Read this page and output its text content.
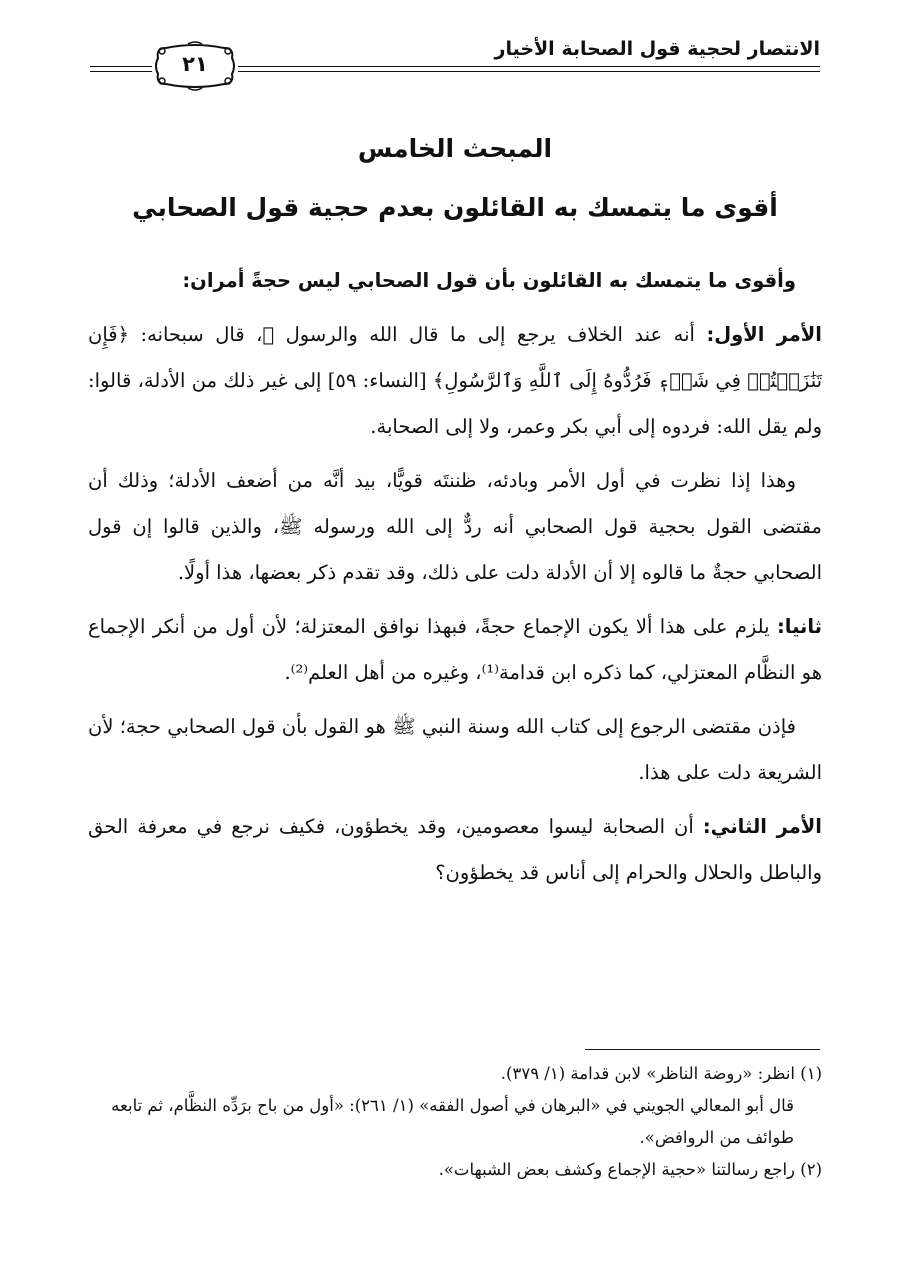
الانتصار لحجية قول الصحابة الأخيار
٢١
المبحث الخامس
أقوى ما يتمسك به القائلون بعدم حجية قول الصحابي

وأقوى ما يتمسك به القائلون بأن قول الصحابي ليس حجةً أمران:

الأمر الأول: أنه عند الخلاف يرجع إلى ما قال الله والرسول ﷺ، قال سبحانه: ﴿فَإِن تَنَٰزَعۡتُمۡ فِي شَيۡءٖ فَرُدُّوهُ إِلَى ٱللَّهِ وَٱلرَّسُولِ﴾ [النساء: ٥٩] إلى غير ذلك من الأدلة، قالوا: ولم يقل الله: فردوه إلى أبي بكر وعمر، ولا إلى الصحابة.

وهذا إذا نظرت في أول الأمر وبادئه، ظننتَه قويًّا، بيد أنَّه من أضعف الأدلة؛ وذلك أن مقتضى القول بحجية قول الصحابي أنه ردٌّ إلى الله ورسوله ﷺ، والذين قالوا إن قول الصحابي حجةٌ ما قالوه إلا أن الأدلة دلت على ذلك، وقد تقدم ذكر بعضها، هذا أولًا.

ثانيا: يلزم على هذا ألا يكون الإجماع حجةً، فبهذا نوافق المعتزلة؛ لأن أول من أنكر الإجماع هو النظَّام المعتزلي، كما ذكره ابن قدامة⁽¹⁾، وغيره من أهل العلم⁽²⁾.

فإذن مقتضى الرجوع إلى كتاب الله وسنة النبي ﷺ هو القول بأن قول الصحابي حجة؛ لأن الشريعة دلت على هذا.

الأمر الثاني: أن الصحابة ليسوا معصومين، وقد يخطؤون، فكيف نرجع في معرفة الحق والباطل والحلال والحرام إلى أناس قد يخطؤون؟

(١) انظر: «روضة الناظر» لابن قدامة (١/ ٣٧٩).

قال أبو المعالي الجويني في «البرهان في أصول الفقه» (١/ ٢٦١): «أول من باح برَدِّه النظَّام، ثم تابعه طوائف من الروافض».

(٢) راجع رسالتنا «حجية الإجماع وكشف بعض الشبهات».
